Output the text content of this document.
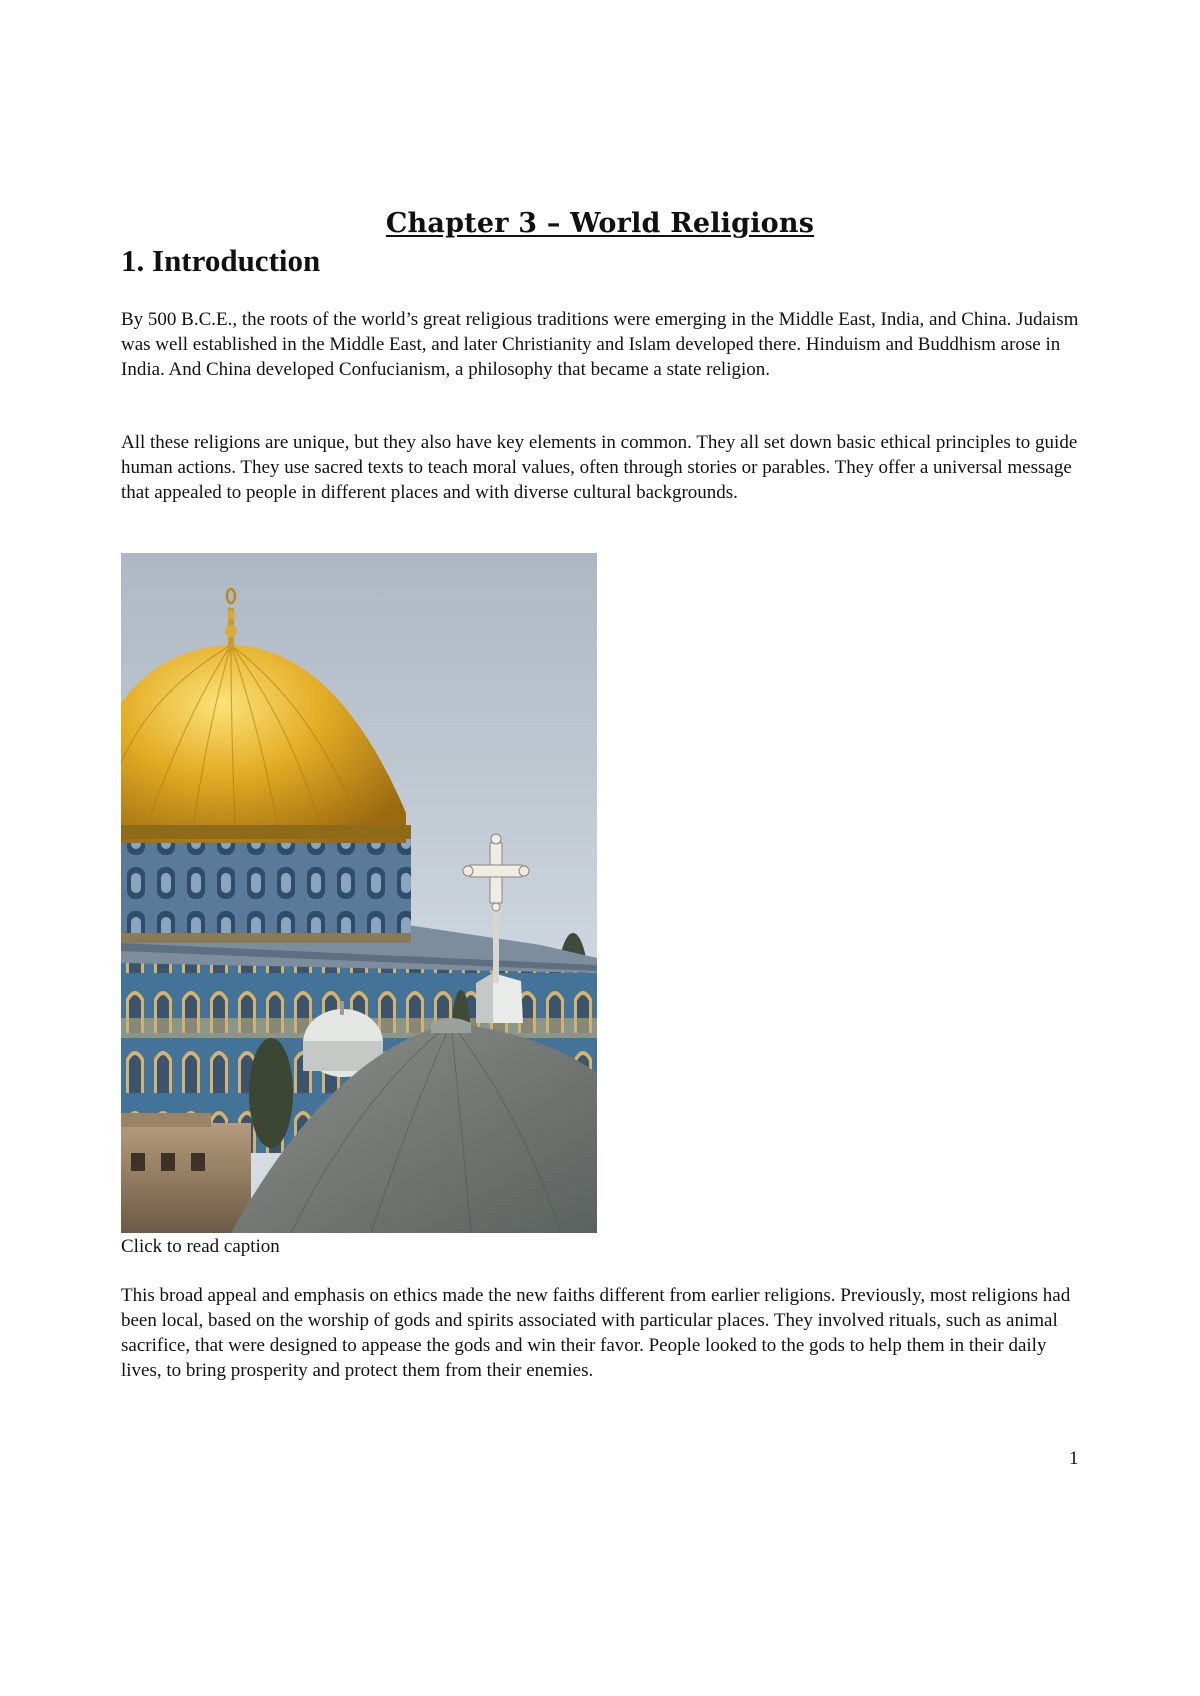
Chapter 3 – World Religions
1. Introduction

By 500 B.C.E., the roots of the world’s great religious traditions were emerging in the Middle East, India, and China. Judaism was well established in the Middle East, and later Christianity and Islam developed there. Hinduism and Buddhism arose in India. And China developed Confucianism, a philosophy that became a state religion.

All these religions are unique, but they also have key elements in common. They all set down basic ethical principles to guide human actions. They use sacred texts to teach moral values, often through stories or parables. They offer a universal message that appealed to people in different places and with diverse cultural backgrounds.

Click to read caption

This broad appeal and emphasis on ethics made the new faiths different from earlier religions. Previously, most religions had been local, based on the worship of gods and spirits associated with particular places. They involved rituals, such as animal sacrifice, that were designed to appease the gods and win their favor. People looked to the gods to help them in their daily lives, to bring prosperity and protect them from their enemies.

1
